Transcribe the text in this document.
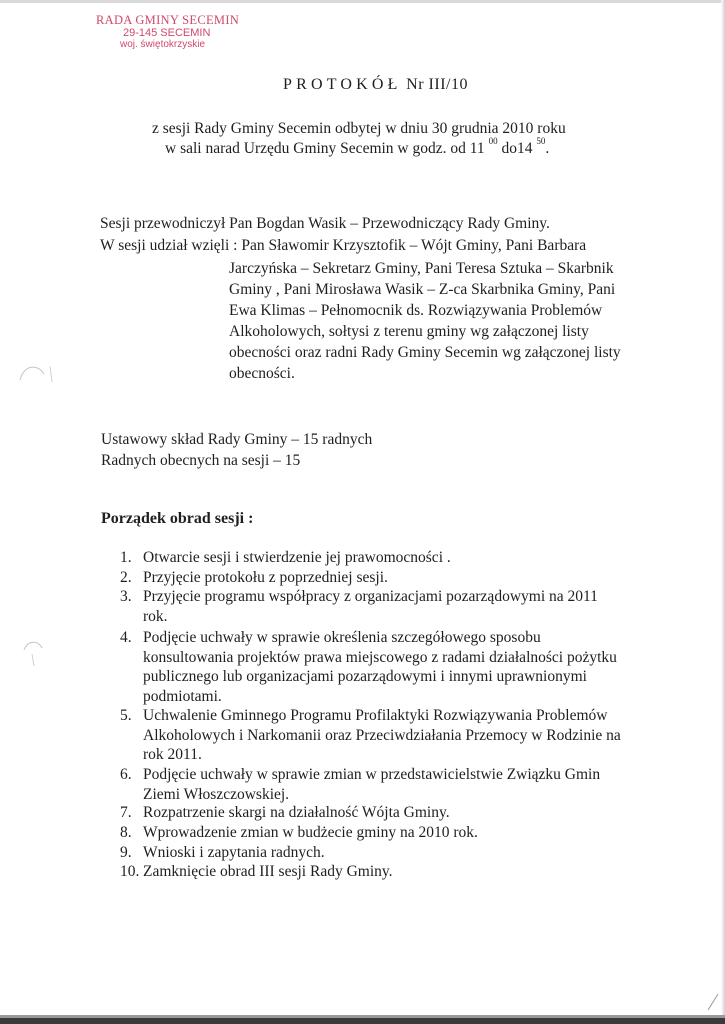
RADA GMINY SECEMIN
29-145 SECEMIN
woj. świętokrzyskie
PROTOKÓŁ Nr III/10
z sesji Rady Gminy Secemin odbytej w dniu 30 grudnia 2010 roku
w sali narad Urzędu Gminy Secemin w godz. od 11 $^{00}$ do14 $^{50}$.
Sesji przewodniczył Pan Bogdan Wasik – Przewodniczący Rady Gminy.
W sesji udział wzięli : Pan Sławomir Krzysztofik – Wójt Gminy, Pani Barbara
Jarczyńska – Sekretarz Gminy, Pani Teresa Sztuka – Skarbnik
Gminy , Pani Mirosława Wasik – Z-ca Skarbnika Gminy, Pani
Ewa Klimas – Pełnomocnik ds. Rozwiązywania Problemów
Alkoholowych, sołtysi z terenu gminy wg załączonej listy
obecności oraz radni Rady Gminy Secemin wg załączonej listy
obecności.
Ustawowy skład Rady Gminy – 15 radnych
Radnych obecnych na sesji – 15
Porządek obrad sesji :
1. Otwarcie sesji i stwierdzenie jej prawomocności .
2. Przyjęcie protokołu z poprzedniej sesji.
3. Przyjęcie programu współpracy z organizacjami pozarządowymi na 2011
rok.
4. Podjęcie uchwały w sprawie określenia szczegółowego sposobu
konsultowania projektów prawa miejscowego z radami działalności pożytku
publicznego lub organizacjami pozarządowymi i innymi uprawnionymi
podmiotami.
5. Uchwalenie Gminnego Programu Profilaktyki Rozwiązywania Problemów
Alkoholowych i Narkomanii oraz Przeciwdziałania Przemocy w Rodzinie na
rok 2011.
6. Podjęcie uchwały w sprawie zmian w przedstawicielstwie Związku Gmin
Ziemi Włoszczowskiej.
7. Rozpatrzenie skargi na działalność Wójta Gminy.
8. Wprowadzenie zmian w budżecie gminy na 2010 rok.
9. Wnioski i zapytania radnych.
10. Zamknięcie obrad III sesji Rady Gminy.
